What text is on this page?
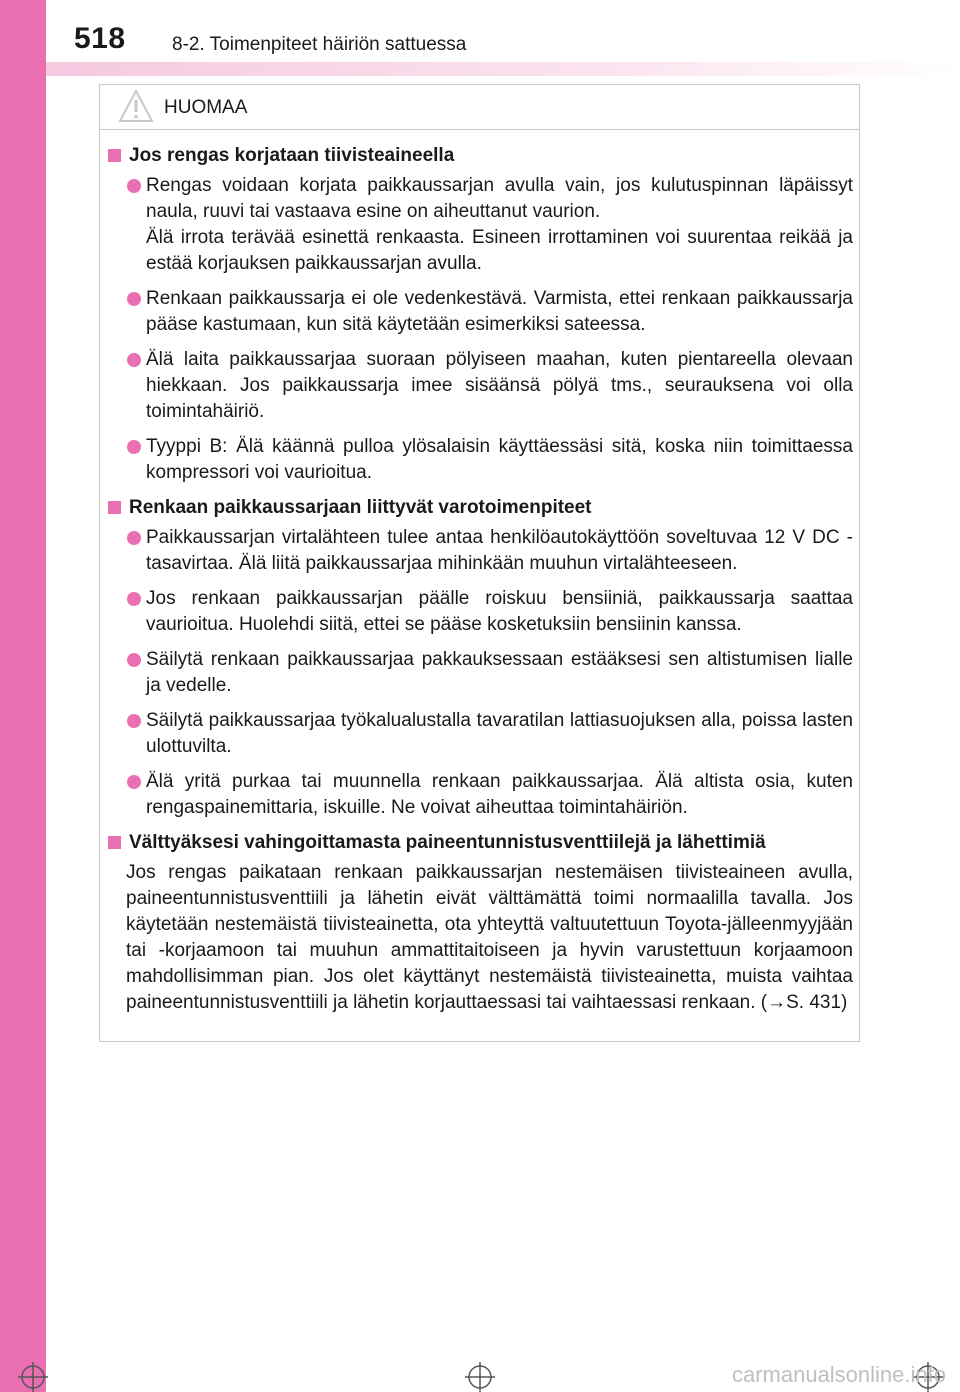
518 8-2. Toimenpiteet häiriön sattuessa
HUOMAA
Jos rengas korjataan tiivisteaineella
Rengas voidaan korjata paikkaussarjan avulla vain, jos kulutuspinnan läpäissyt naula, ruuvi tai vastaava esine on aiheuttanut vaurion.
Älä irrota terävää esinettä renkaasta. Esineen irrottaminen voi suurentaa reikää ja estää korjauksen paikkaussarjan avulla.
Renkaan paikkaussarja ei ole vedenkestävä. Varmista, ettei renkaan paikkaussarja pääse kastumaan, kun sitä käytetään esimerkiksi sateessa.
Älä laita paikkaussarjaa suoraan pölyiseen maahan, kuten pientareella olevaan hiekkaan. Jos paikkaussarja imee sisäänsä pölyä tms., seurauksena voi olla toimintahäiriö.
Tyyppi B: Älä käännä pulloa ylösalaisin käyttäessäsi sitä, koska niin toimittaessa kompressori voi vaurioitua.
Renkaan paikkaussarjaan liittyvät varotoimenpiteet
Paikkaussarjan virtalähteen tulee antaa henkilöautokäyttöön soveltuvaa 12 V DC -tasavirtaa. Älä liitä paikkaussarjaa mihinkään muuhun virtalähteeseen.
Jos renkaan paikkaussarjan päälle roiskuu bensiiniä, paikkaussarja saattaa vaurioitua. Huolehdi siitä, ettei se pääse kosketuksiin bensiinin kanssa.
Säilytä renkaan paikkaussarjaa pakkauksessaan estääksesi sen altistumisen lialle ja vedelle.
Säilytä paikkaussarjaa työkalualustalla tavaratilan lattiasuojuksen alla, poissa lasten ulottuvilta.
Älä yritä purkaa tai muunnella renkaan paikkaussarjaa. Älä altista osia, kuten rengaspainemittaria, iskuille. Ne voivat aiheuttaa toimintahäiriön.
Välttyäksesi vahingoittamasta paineentunnistusventtiilejä ja lähettimiä
Jos rengas paikataan renkaan paikkaussarjan nestemäisen tiivisteaineen avulla, paineentunnistusventtiili ja lähetin eivät välttämättä toimi normaalilla tavalla. Jos käytetään nestemäistä tiivisteainetta, ota yhteyttä valtuutettuun Toyota-jälleenmyyjään tai -korjaamoon tai muuhun ammattitaitoiseen ja hyvin varustettuun korjaamoon mahdollisimman pian. Jos olet käyttänyt nestemäistä tiivisteainetta, muista vaihtaa paineentunnistusventtiili ja lähetin korjauttaessasi tai vaihtaessasi renkaan. (→S. 431)
carmanualsonline.info
